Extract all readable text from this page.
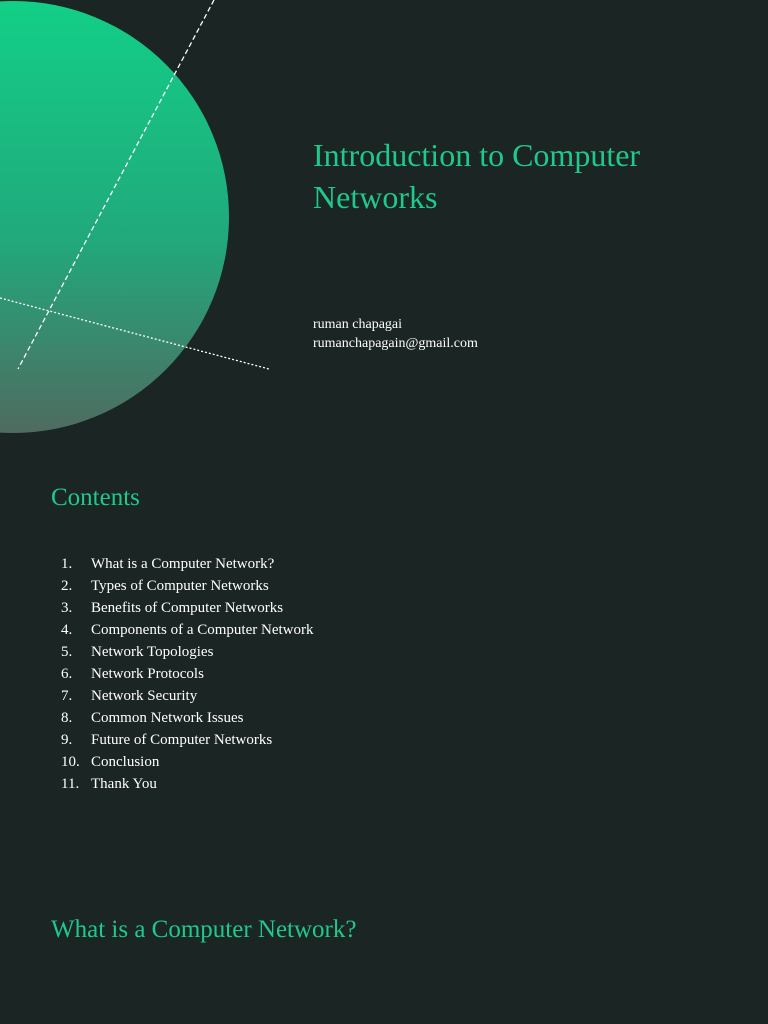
Introduction to Computer Networks
ruman chapagai
rumanchapagain@gmail.com
Contents
1.	What is a Computer Network?
2.	Types of Computer Networks
3.	Benefits of Computer Networks
4.	Components of a Computer Network
5.	Network Topologies
6.	Network Protocols
7.	Network Security
8.	Common Network Issues
9.	Future of Computer Networks
10. Conclusion
11. Thank You
What is a Computer Network?
